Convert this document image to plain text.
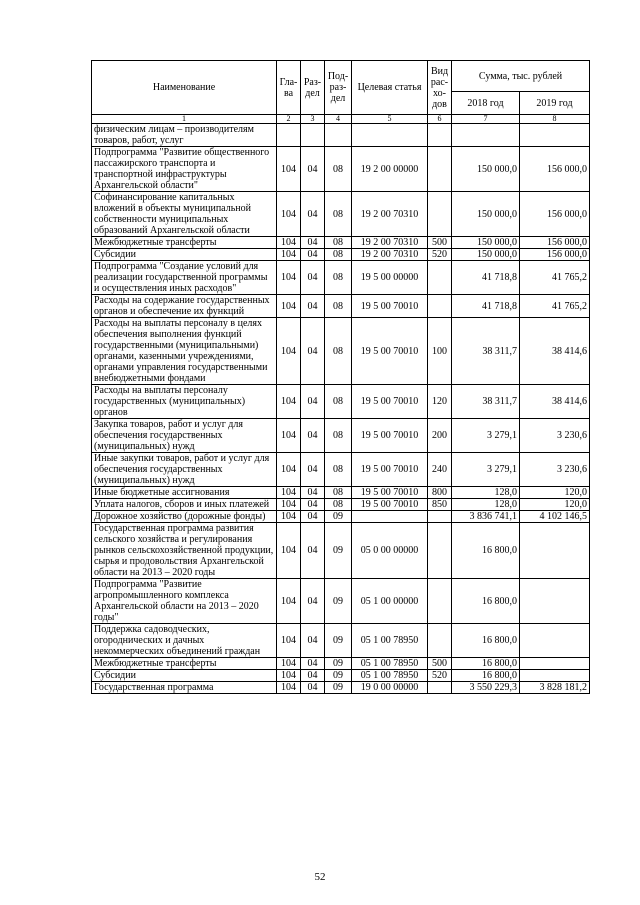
Наименование	Гла-ва	Раз-дел	Под-раз-дел	Целевая статья	Вид рас-хо-дов	Сумма, тыс. рублей	
						2018 год	2019 год
1	2	3	4	5	6	7	8
физическим лицам – производителям товаров, работ, услуг							
Подпрограмма "Развитие общественного пассажирского транспорта и транспортной инфраструктуры Архангельской области"	104	04	08	19 2 00 00000		150 000,0	156 000,0
Софинансирование капитальных вложений в объекты муниципальной собственности муниципальных образований Архангельской области	104	04	08	19 2 00 70310		150 000,0	156 000,0
Межбюджетные трансферты	104	04	08	19 2 00 70310	500	150 000,0	156 000,0
Субсидии	104	04	08	19 2 00 70310	520	150 000,0	156 000,0
Подпрограмма "Создание условий для реализации государственной программы и осуществления иных расходов"	104	04	08	19 5 00 00000		41 718,8	41 765,2
Расходы на содержание государственных органов и обеспечение их функций	104	04	08	19 5 00 70010		41 718,8	41 765,2
Расходы на выплаты персоналу в целях обеспечения выполнения функций государственными (муниципальными) органами, казенными учреждениями, органами управления государственными внебюджетными фондами	104	04	08	19 5 00 70010	100	38 311,7	38 414,6
Расходы на выплаты персоналу государственных (муниципальных) органов	104	04	08	19 5 00 70010	120	38 311,7	38 414,6
Закупка товаров, работ и услуг для обеспечения государственных (муниципальных) нужд	104	04	08	19 5 00 70010	200	3 279,1	3 230,6
Иные закупки товаров, работ и услуг для обеспечения государственных (муниципальных) нужд	104	04	08	19 5 00 70010	240	3 279,1	3 230,6
Иные бюджетные ассигнования	104	04	08	19 5 00 70010	800	128,0	120,0
Уплата налогов, сборов и иных платежей	104	04	08	19 5 00 70010	850	128,0	120,0
Дорожное хозяйство (дорожные фонды)	104	04	09			3 836 741,1	4 102 146,5
Государственная программа развития сельского хозяйства и регулирования рынков сельскохозяйственной продукции, сырья и продовольствия Архангельской области на 2013 – 2020 годы	104	04	09	05 0 00 00000		16 800,0	
Подпрограмма "Развитие агропромышленного комплекса Архангельской области на 2013 – 2020 годы"	104	04	09	05 1 00 00000		16 800,0	
Поддержка садоводческих, огороднических и дачных некоммерческих объединений граждан	104	04	09	05 1 00 78950		16 800,0	
Межбюджетные трансферты	104	04	09	05 1 00 78950	500	16 800,0	
Субсидии	104	04	09	05 1 00 78950	520	16 800,0	
Государственная программа	104	04	09	19 0 00 00000		3 550 229,3	3 828 181,2
52
